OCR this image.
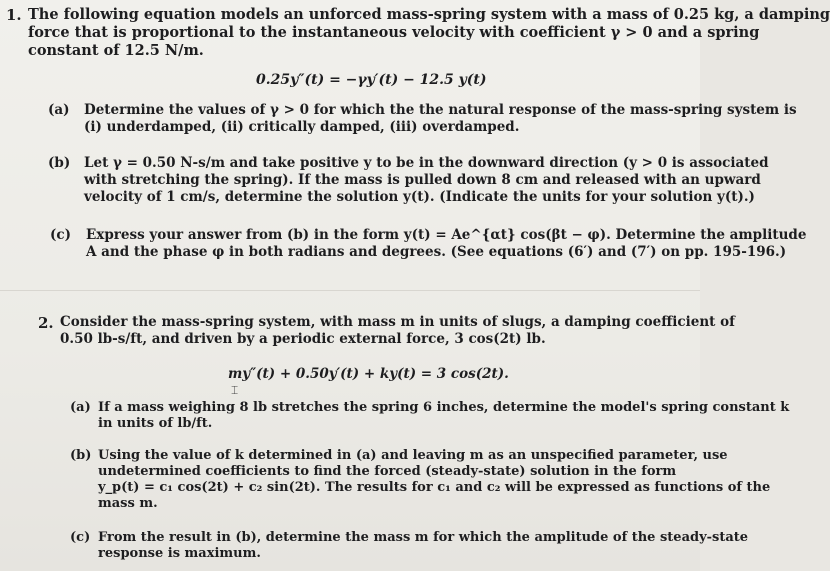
1. The following equation models an unforced mass-spring system with a mass of 0.25 kg, a damping
force that is proportional to the instantaneous velocity with coefficient γ > 0 and a spring
constant of 12.5 N/m.
0.25y″(t) = −γy′(t) − 12.5 y(t)
(a) Determine the values of γ > 0 for which the the natural response of the mass-spring system is
(i) underdamped, (ii) critically damped, (iii) overdamped.
(b) Let γ = 0.50 N-s/m and take positive y to be in the downward direction (y > 0 is associated
with stretching the spring). If the mass is pulled down 8 cm and released with an upward
velocity of 1 cm/s, determine the solution y(t). (Indicate the units for your solution y(t).)
(c) Express your answer from (b) in the form y(t) = Ae^{αt} cos(βt − φ). Determine the amplitude
A and the phase φ in both radians and degrees. (See equations (6′) and (7′) on pp. 195-196.)
2. Consider the mass-spring system, with mass m in units of slugs, a damping coefficient of
0.50 lb-s/ft, and driven by a periodic external force, 3 cos(2t) lb.
my″(t) + 0.50y′(t) + ky(t) = 3 cos(2t).
⌶
(a) If a mass weighing 8 lb stretches the spring 6 inches, determine the model's spring constant k
in units of lb/ft.
(b) Using the value of k determined in (a) and leaving m as an unspecified parameter, use
undetermined coefficients to find the forced (steady-state) solution in the form
y_p(t) = c₁ cos(2t) + c₂ sin(2t). The results for c₁ and c₂ will be expressed as functions of the
mass m.
(c) From the result in (b), determine the mass m for which the amplitude of the steady-state
response is maximum.
